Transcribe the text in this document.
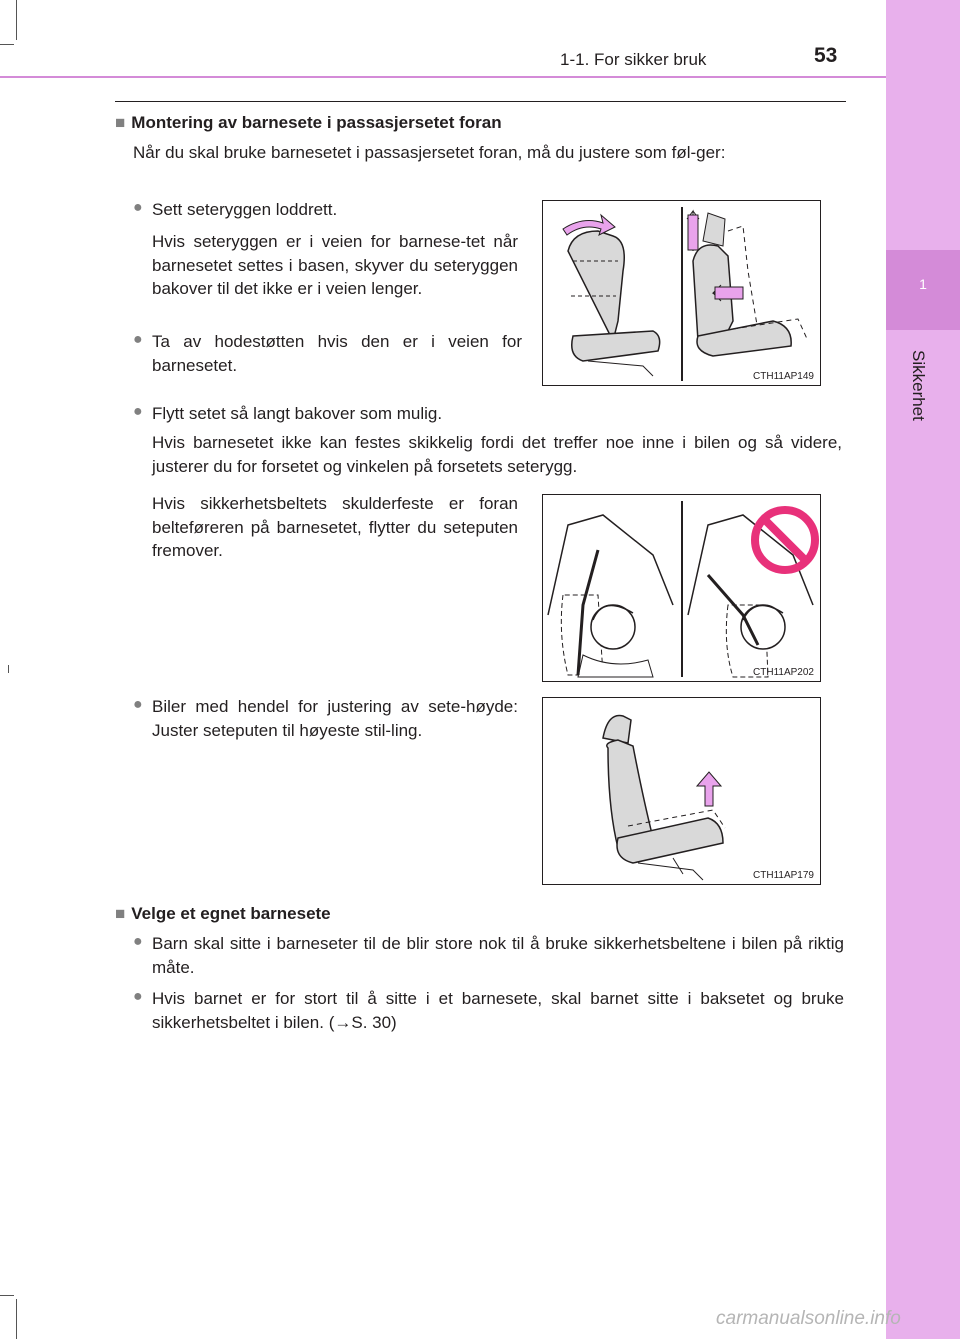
1
Sikkerhet
1-1. For sikker bruk	53
■ Montering av barnesete i passasjersetet foran
Når du skal bruke barnesetet i passasjersetet foran, må du justere som føl-ger:
● Sett seteryggen loddrett.
Hvis seteryggen er i veien for barnese-tet når barnesetet settes i basen, skyver du seteryggen bakover til det ikke er i veien lenger.
● Ta av hodestøtten hvis den er i veien for barnesetet.
CTH11AP149
● Flytt setet så langt bakover som mulig.
Hvis barnesetet ikke kan festes skikkelig fordi det treffer noe inne i bilen og så videre, justerer du for forsetet og vinkelen på forsetets seterygg.
Hvis sikkerhetsbeltets skulderfeste er foran belteføreren på barnesetet, flytter du seteputen fremover.
CTH11AP202
● Biler med hendel for justering av sete-høyde: Juster seteputen til høyeste stil-ling.
CTH11AP179
■ Velge et egnet barnesete
● Barn skal sitte i barneseter til de blir store nok til å bruke sikkerhetsbeltene i bilen på riktig måte.
● Hvis barnet er for stort til å sitte i et barnesete, skal barnet sitte i baksetet og bruke sikkerhetsbeltet i bilen. (→S. 30)
carmanualsonline.info
